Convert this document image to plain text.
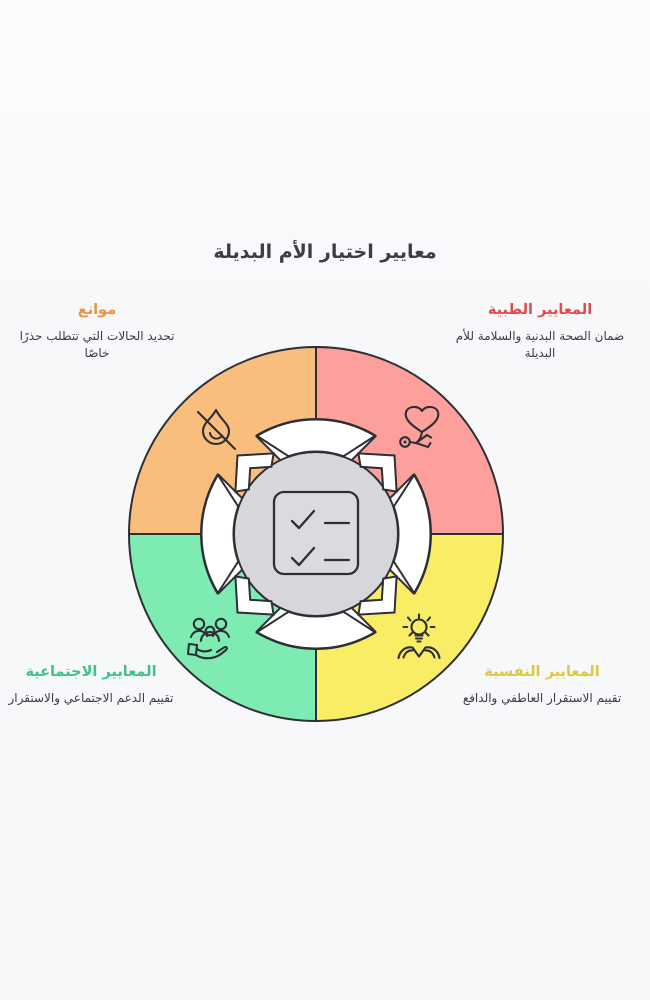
معايير اختيار الأم البديلة
المعايير الطبية
ضمان الصحة البدنية والسلامة للأم البديلة
موانع
تحديد الحالات التي تتطلب حذرًا خاصًا
المعايير النفسية
تقييم الاستقرار العاطفي والدافع
المعايير الاجتماعية
تقييم الدعم الاجتماعي والاستقرار
